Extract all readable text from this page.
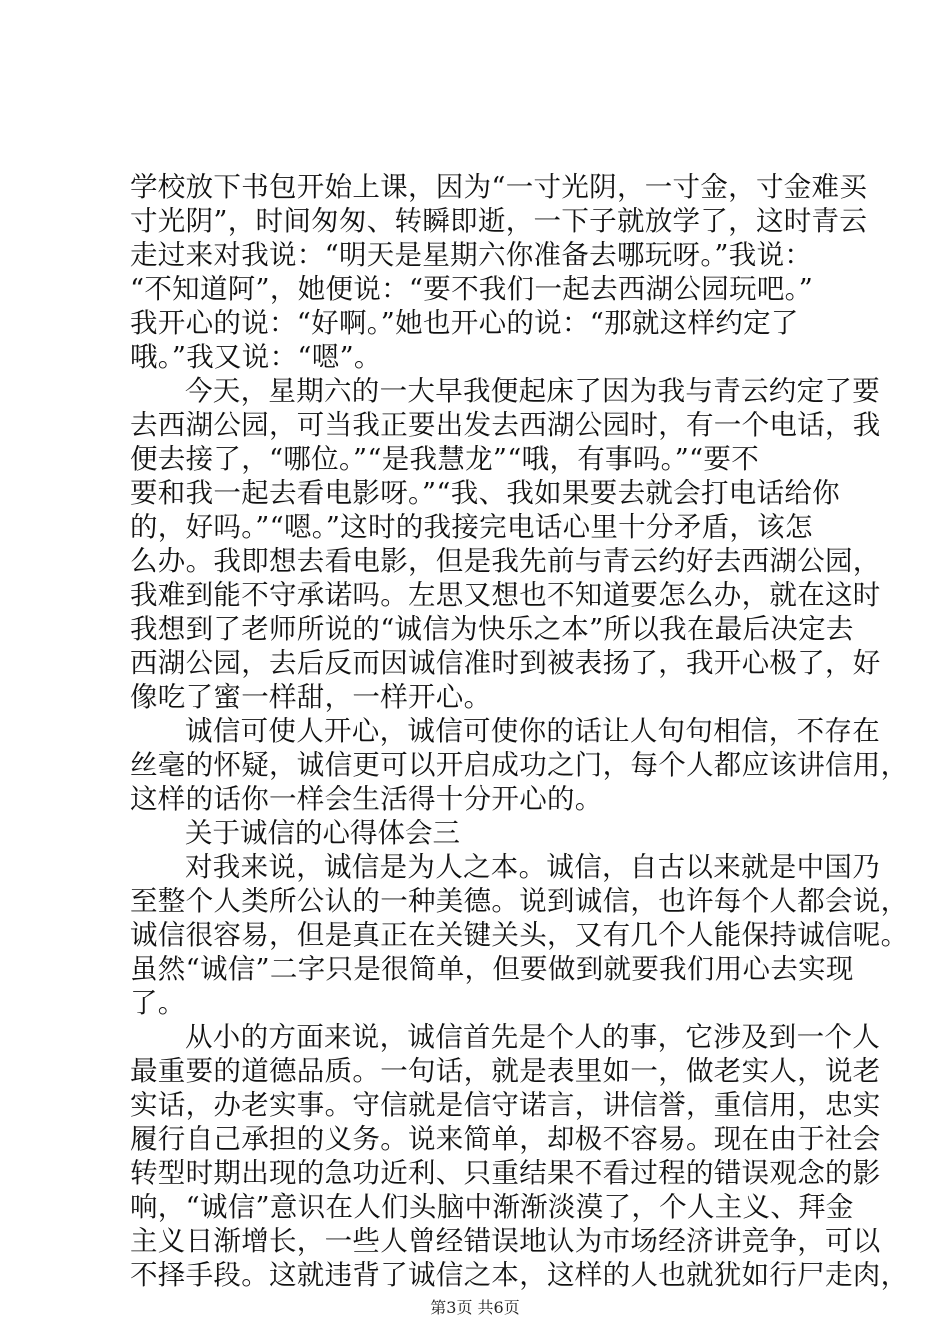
学校放下书包开始上课，因为“一寸光阴，一寸金，寸金难买
寸光阴”，时间匆匆、转瞬即逝，一下子就放学了，这时青云
走过来对我说：“明天是星期六你准备去哪玩呀。”我说：
“不知道阿”，她便说：“要不我们一起去西湖公园玩吧。”
我开心的说：“好啊。”她也开心的说：“那就这样约定了
哦。”我又说：“嗯”。
今天，星期六的一大早我便起床了因为我与青云约定了要
去西湖公园，可当我正要出发去西湖公园时，有一个电话，我
便去接了，“哪位。”“是我慧龙”“哦，有事吗。”“要不
要和我一起去看电影呀。”“我、我如果要去就会打电话给你
的，好吗。”“嗯。”这时的我接完电话心里十分矛盾，该怎
么办。我即想去看电影，但是我先前与青云约好去西湖公园，
我难到能不守承诺吗。左思又想也不知道要怎么办，就在这时
我想到了老师所说的“诚信为快乐之本”所以我在最后决定去
西湖公园，去后反而因诚信准时到被表扬了，我开心极了，好
像吃了蜜一样甜，一样开心。
诚信可使人开心，诚信可使你的话让人句句相信，不存在
丝毫的怀疑，诚信更可以开启成功之门，每个人都应该讲信用，
这样的话你一样会生活得十分开心的。
关于诚信的心得体会三
对我来说，诚信是为人之本。诚信，自古以来就是中国乃
至整个人类所公认的一种美德。说到诚信，也许每个人都会说，
诚信很容易，但是真正在关键关头，又有几个人能保持诚信呢。
虽然“诚信”二字只是很简单，但要做到就要我们用心去实现
了。
从小的方面来说，诚信首先是个人的事，它涉及到一个人
最重要的道德品质。一句话，就是表里如一，做老实人，说老
实话，办老实事。守信就是信守诺言，讲信誉，重信用，忠实
履行自己承担的义务。说来简单，却极不容易。现在由于社会
转型时期出现的急功近利、只重结果不看过程的错误观念的影
响，“诚信”意识在人们头脑中渐渐淡漠了，个人主义、拜金
主义日渐增长，一些人曾经错误地认为市场经济讲竞争，可以
不择手段。这就违背了诚信之本，这样的人也就犹如行尸走肉，
第3页 共6页
